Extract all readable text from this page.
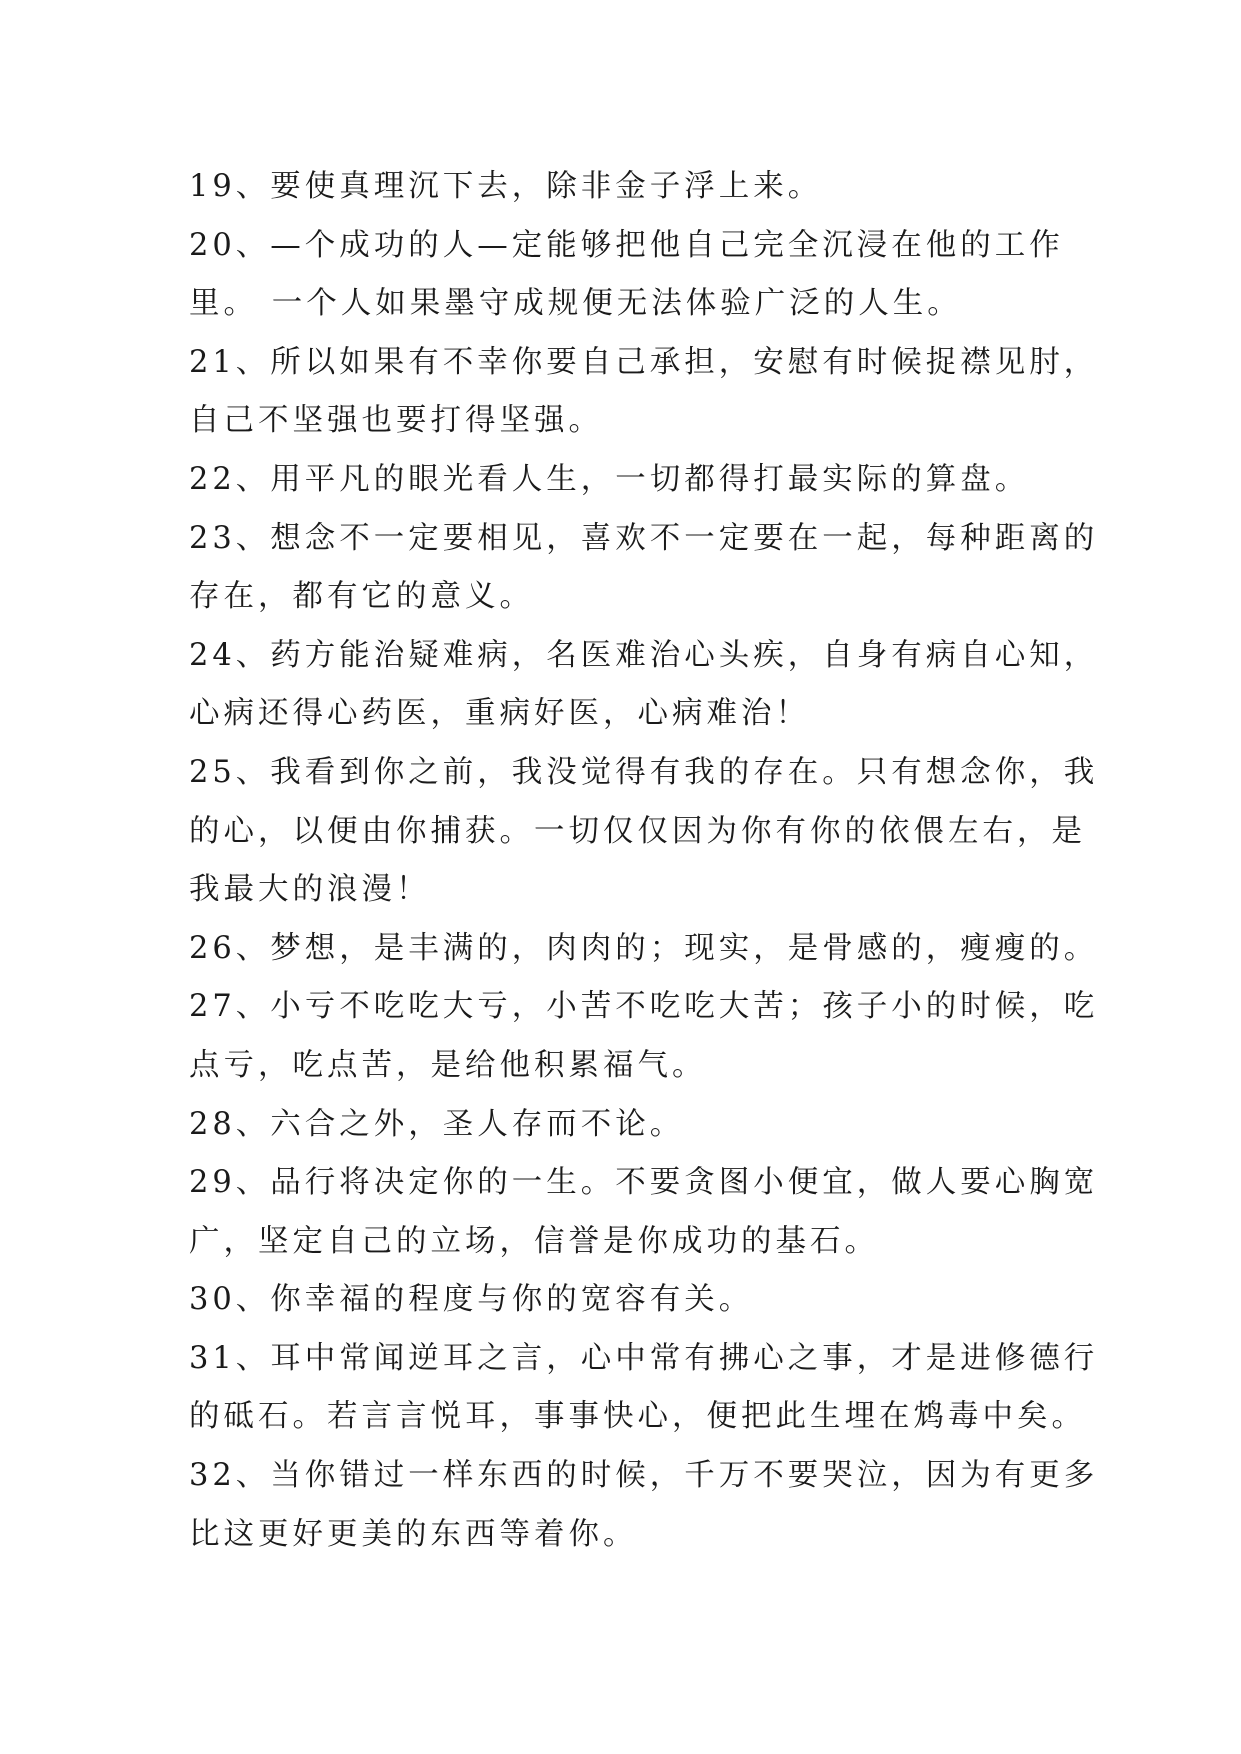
19、要使真理沉下去，除非金子浮上来。
20、—个成功的人—定能够把他自己完全沉浸在他的工作
里。 一个人如果墨守成规便无法体验广泛的人生。
21、所以如果有不幸你要自己承担，安慰有时候捉襟见肘，
自己不坚强也要打得坚强。
22、用平凡的眼光看人生，一切都得打最实际的算盘。
23、想念不一定要相见，喜欢不一定要在一起，每种距离的
存在，都有它的意义。
24、药方能治疑难病，名医难治心头疾，自身有病自心知，
心病还得心药医，重病好医，心病难治！
25、我看到你之前，我没觉得有我的存在。只有想念你，我
的心，以便由你捕获。一切仅仅因为你有你的依偎左右，是
我最大的浪漫！
26、梦想，是丰满的，肉肉的；现实，是骨感的，瘦瘦的。
27、小亏不吃吃大亏，小苦不吃吃大苦；孩子小的时候，吃
点亏，吃点苦，是给他积累福气。
28、六合之外，圣人存而不论。
29、品行将决定你的一生。不要贪图小便宜，做人要心胸宽
广，坚定自己的立场，信誉是你成功的基石。
30、你幸福的程度与你的宽容有关。
31、耳中常闻逆耳之言，心中常有拂心之事，才是进修德行
的砥石。若言言悦耳，事事快心，便把此生埋在鸩毒中矣。
32、当你错过一样东西的时候，千万不要哭泣，因为有更多
比这更好更美的东西等着你。
